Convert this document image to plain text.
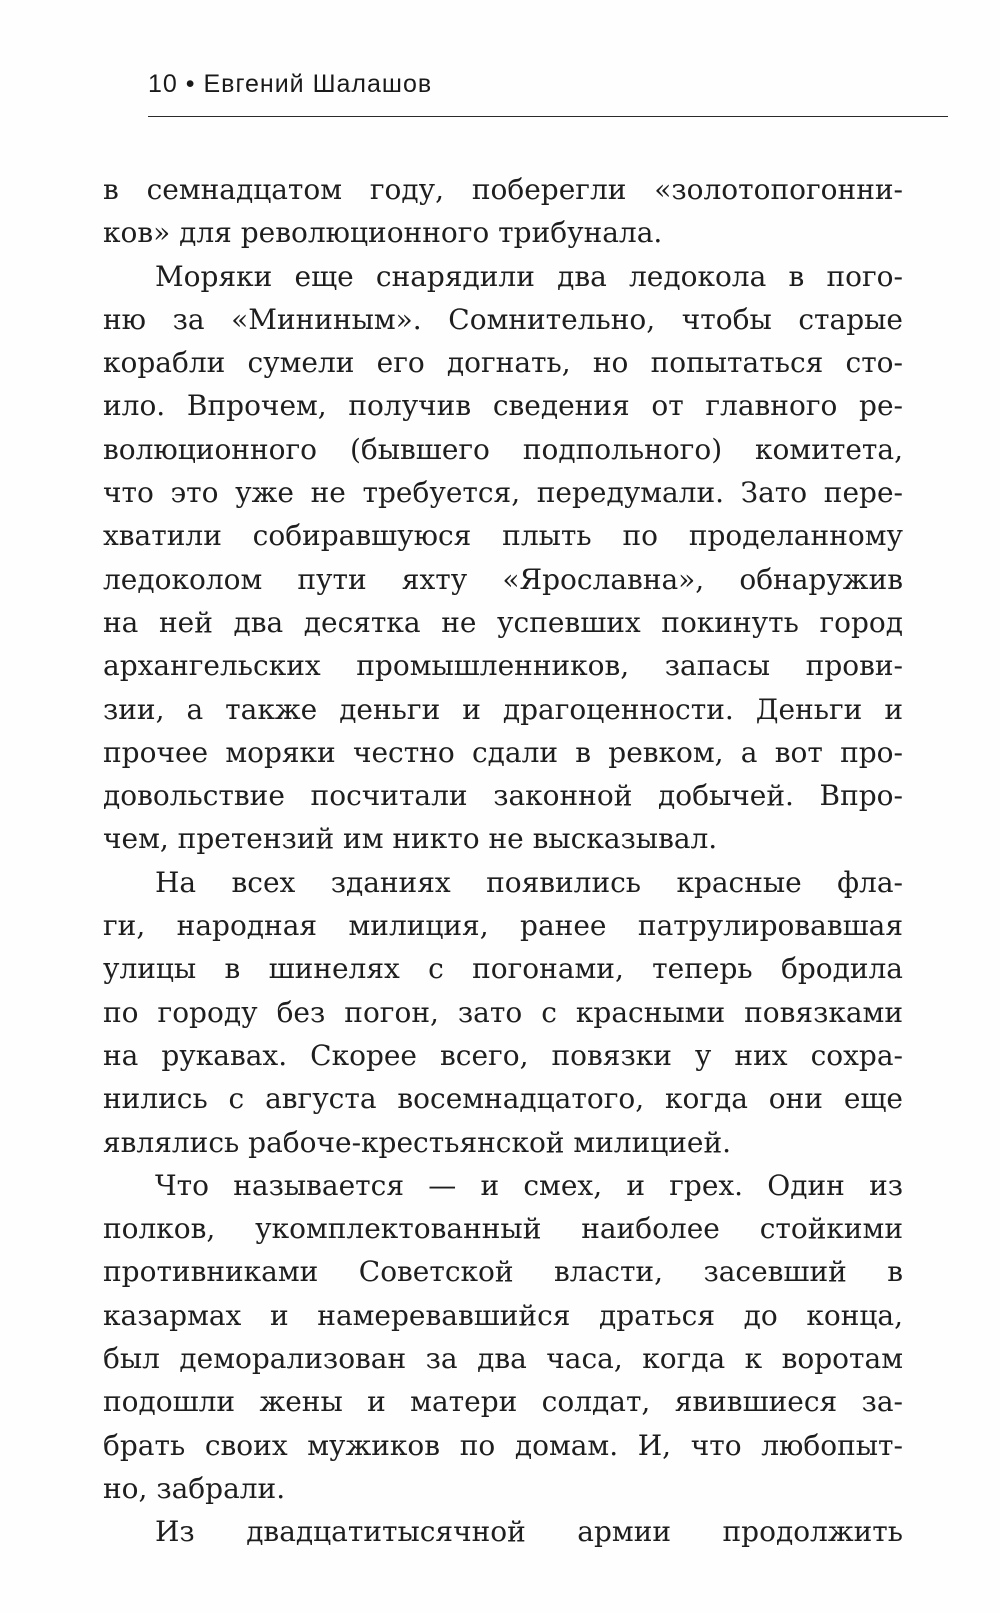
10 • Евгений Шалашов
в семнадцатом году, поберегли «золотопогонни-
ков» для революционного трибунала.
Моряки еще снарядили два ледокола в пого-
ню за «Мининым». Сомнительно, чтобы старые
корабли сумели его догнать, но попытаться сто-
ило. Впрочем, получив сведения от главного ре-
волюционного (бывшего подпольного) комитета,
что это уже не требуется, передумали. Зато пере-
хватили собиравшуюся плыть по проделанному
ледоколом пути яхту «Ярославна», обнаружив
на ней два десятка не успевших покинуть город
архангельских промышленников, запасы прови-
зии, а также деньги и драгоценности. Деньги и
прочее моряки честно сдали в ревком, а вот про-
довольствие посчитали законной добычей. Впро-
чем, претензий им никто не высказывал.
На всех зданиях появились красные фла-
ги, народная милиция, ранее патрулировавшая
улицы в шинелях с погонами, теперь бродила
по городу без погон, зато с красными повязками
на рукавах. Скорее всего, повязки у них сохра-
нились с августа восемнадцатого, когда они еще
являлись рабоче-крестьянской милицией.
Что называется — и смех, и грех. Один из
полков, укомплектованный наиболее стойкими
противниками Советской власти, засевший в
казармах и намеревавшийся драться до конца,
был деморализован за два часа, когда к воротам
подошли жены и матери солдат, явившиеся за-
брать своих мужиков по домам. И, что любопыт-
но, забрали.
Из двадцатитысячной армии продолжить
